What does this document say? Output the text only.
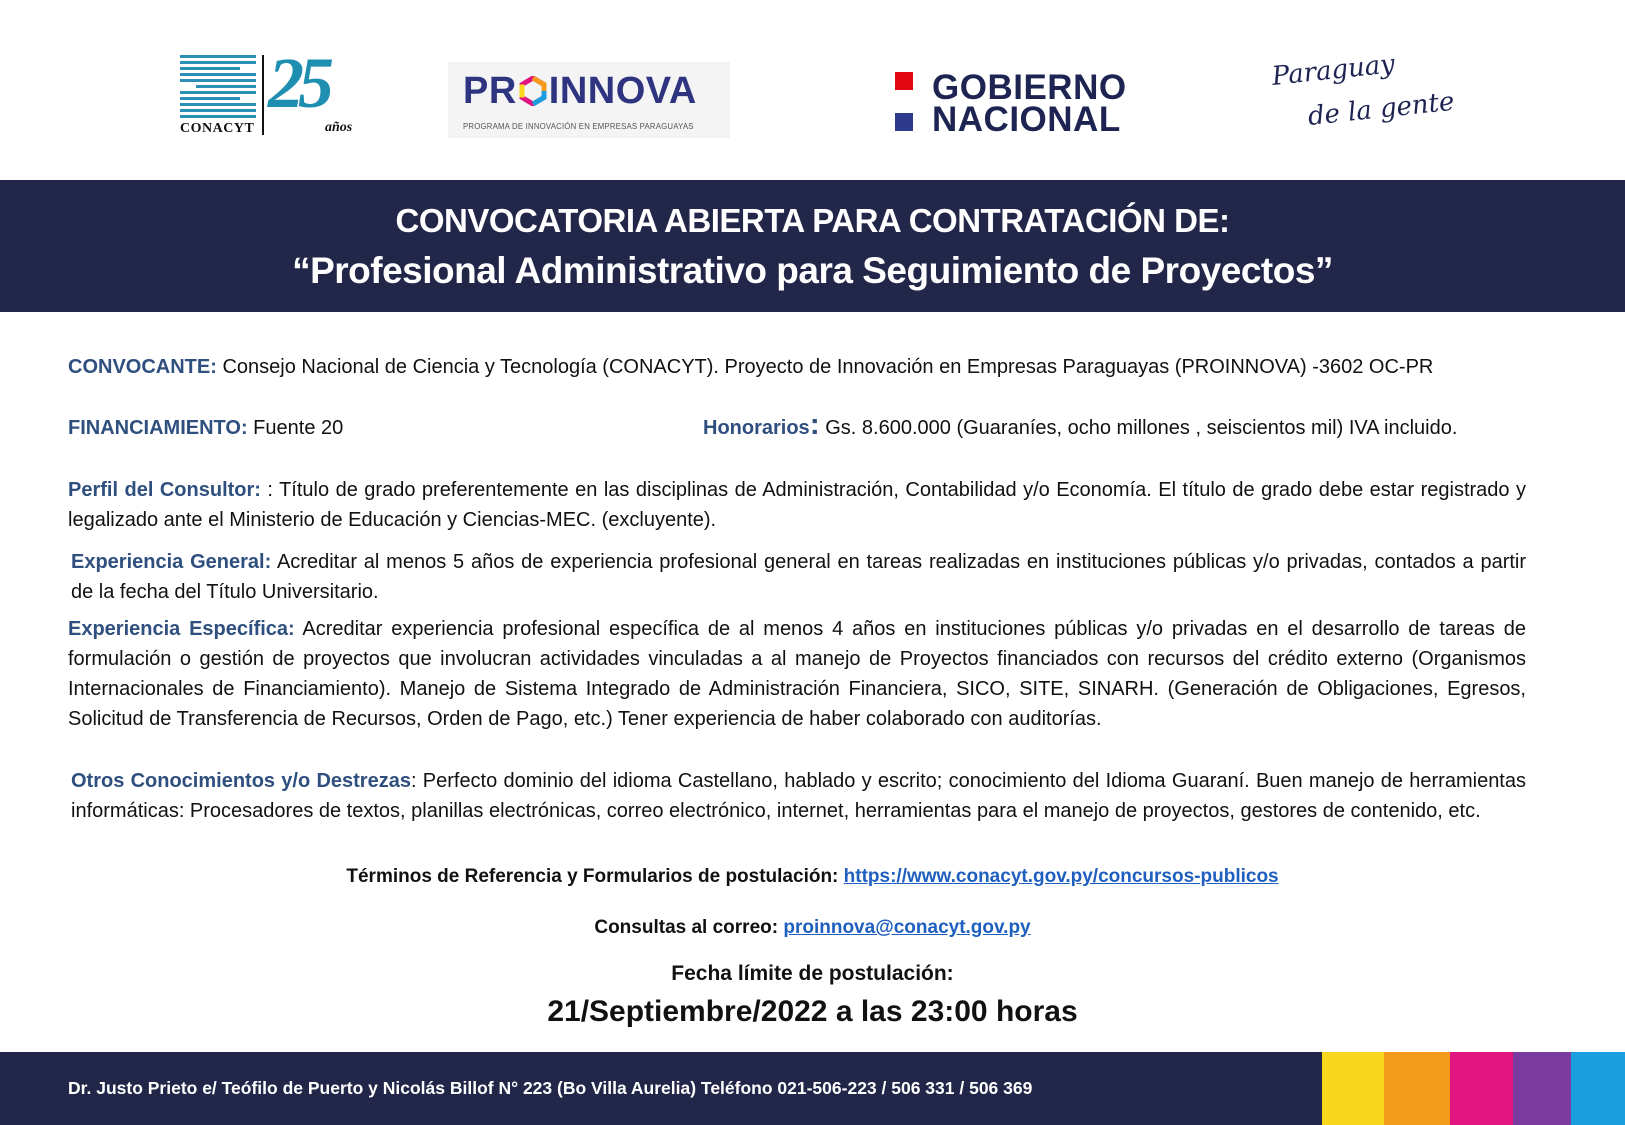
CONACYT
25
años
PR INNOVA
PROGRAMA DE INNOVACIÓN EN EMPRESAS PARAGUAYAS
GOBIERNO
NACIONAL
Paraguay
de la gente
CONVOCATORIA ABIERTA PARA CONTRATACIÓN DE:
“Profesional Administrativo para Seguimiento de Proyectos”
CONVOCANTE: Consejo Nacional de Ciencia y Tecnología (CONACYT). Proyecto de Innovación en Empresas Paraguayas (PROINNOVA) -3602 OC-PR
FINANCIAMIENTO: Fuente 20	Honorarios: Gs. 8.600.000 (Guaraníes, ocho millones , seiscientos mil) IVA incluido.
Perfil del Consultor: : Título de grado preferentemente en las disciplinas de Administración, Contabilidad y/o Economía. El título de grado debe estar registrado y legalizado ante el Ministerio de Educación y Ciencias-MEC. (excluyente).
Experiencia General: Acreditar al menos 5 años de experiencia profesional general en tareas realizadas en instituciones públicas y/o privadas, contados a partir de la fecha del Título Universitario.
Experiencia Específica: Acreditar experiencia profesional específica de al menos 4 años en instituciones públicas y/o privadas en el desarrollo de tareas de formulación o gestión de proyectos que involucran actividades vinculadas a al manejo de Proyectos financiados con recursos del crédito externo (Organismos Internacionales de Financiamiento). Manejo de Sistema Integrado de Administración Financiera, SICO, SITE, SINARH. (Generación de Obligaciones, Egresos, Solicitud de Transferencia de Recursos, Orden de Pago, etc.) Tener experiencia de haber colaborado con auditorías.
Otros Conocimientos y/o Destrezas: Perfecto dominio del idioma Castellano, hablado y escrito; conocimiento del Idioma Guaraní. Buen manejo de herramientas informáticas: Procesadores de textos, planillas electrónicas, correo electrónico, internet, herramientas para el manejo de proyectos, gestores de contenido, etc.
Términos de Referencia y Formularios de postulación: https://www.conacyt.gov.py/concursos-publicos
Consultas al correo: proinnova@conacyt.gov.py
Fecha límite de postulación:
21/Septiembre/2022 a las 23:00 horas
Dr. Justo Prieto e/ Teófilo de Puerto y Nicolás Billof N° 223 (Bo Villa Aurelia) Teléfono 021-506-223 / 506 331 / 506 369
